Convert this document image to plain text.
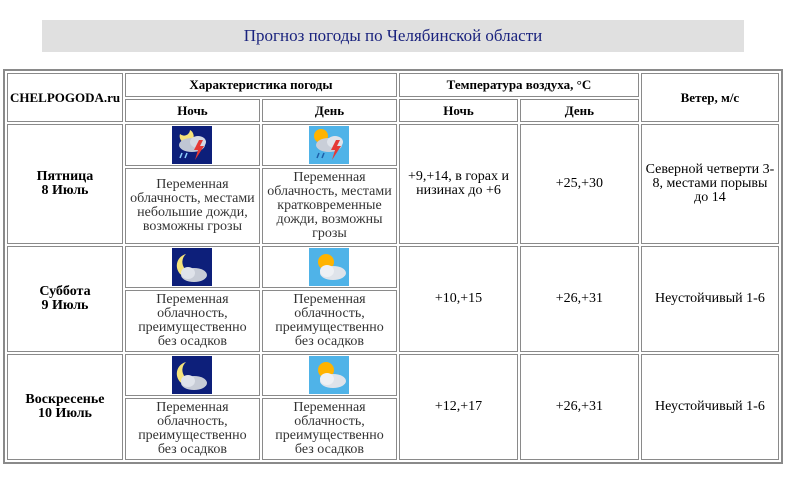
Прогноз погоды по Челябинской области
CHELPOGODA.ru	Характеристика погоды		Температура воздуха, °C		Ветер, м/с
	Ночь	День	Ночь	День	
Пятница
8 Июль			+9,+14, в горах и низинах до +6	+25,+30	Северной четверти 3-8, местами порывы до 14
	Переменная облачность, местами небольшие дожди, возможны грозы	Переменная облачность, местами кратковременные дожди, возможны грозы			
Суббота
9 Июль			+10,+15	+26,+31	Неустойчивый 1-6
	Переменная облачность, преимущественно без осадков	Переменная облачность, преимущественно без осадков			
Воскресенье
10 Июль			+12,+17	+26,+31	Неустойчивый 1-6
	Переменная облачность, преимущественно без осадков	Переменная облачность, преимущественно без осадков			
